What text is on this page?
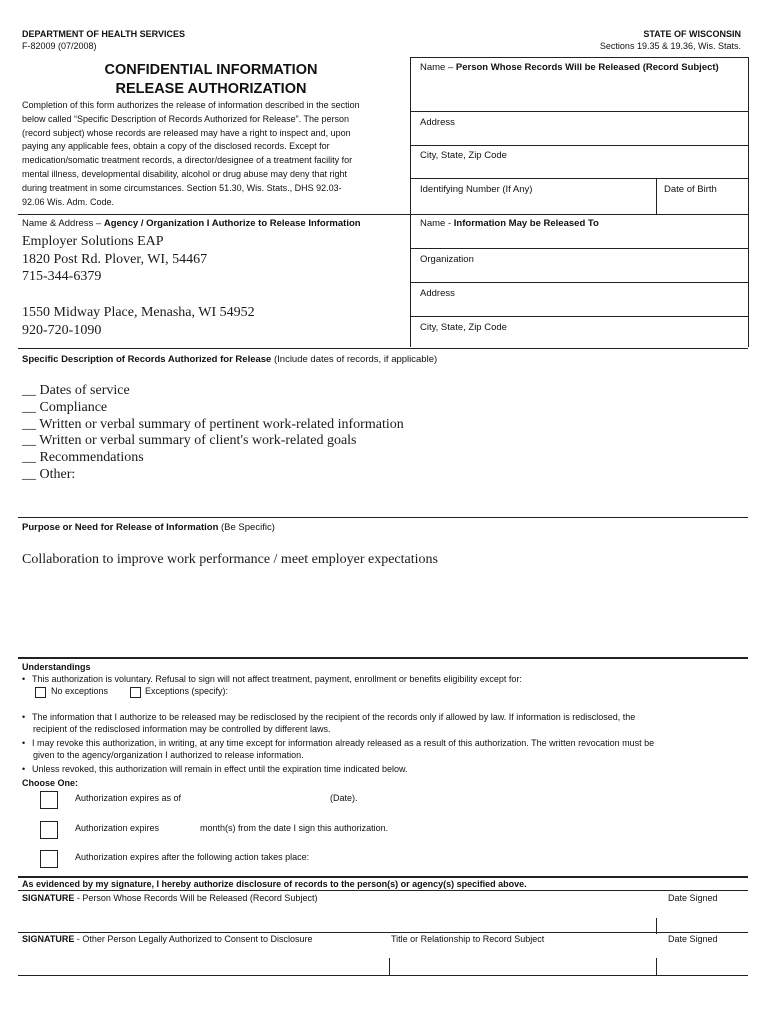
DEPARTMENT OF HEALTH SERVICES
F-82009 (07/2008)
STATE OF WISCONSIN
Sections 19.35 & 19.36, Wis. Stats.
CONFIDENTIAL INFORMATION
RELEASE AUTHORIZATION
Completion of this form authorizes the release of information described in the section
below called “Specific Description of Records Authorized for Release”. The person
(record subject) whose records are released may have a right to inspect and, upon
paying any applicable fees, obtain a copy of the disclosed records. Except for
medication/somatic treatment records, a director/designee of a treatment facility for
mental illness, developmental disability, alcohol or drug abuse may deny that right
during treatment in some circumstances. Section 51.30, Wis. Stats., DHS 92.03-
92.06 Wis. Adm. Code.
Name – Person Whose Records Will be Released (Record Subject)
Address
City, State, Zip Code
Identifying Number (If Any)	Date of Birth
Name & Address – Agency / Organization I Authorize to Release Information
Employer Solutions EAP
1820 Post Rd. Plover, WI, 54467
715-344-6379
1550 Midway Place, Menasha, WI 54952
920-720-1090
Name - Information May be Released To
Organization
Address
City, State, Zip Code
Specific Description of Records Authorized for Release (Include dates of records, if applicable)
__ Dates of service
__ Compliance
__ Written or verbal summary of pertinent work-related information
__ Written or verbal summary of client's work-related goals
__ Recommendations
__ Other:
Purpose or Need for Release of Information (Be Specific)
Collaboration to improve work performance / meet employer expectations
Understandings
• This authorization is voluntary. Refusal to sign will not affect treatment, payment, enrollment or benefits eligibility except for:
No exceptions	Exceptions (specify):
• The information that I authorize to be released may be redisclosed by the recipient of the records only if allowed by law. If information is redisclosed, the
recipient of the redisclosed information may be controlled by different laws.
• I may revoke this authorization, in writing, at any time except for information already released as a result of this authorization. The written revocation must be
given to the agency/organization I authorized to release information.
• Unless revoked, this authorization will remain in effect until the expiration time indicated below.
Choose One:
Authorization expires as of	(Date).
Authorization expires	month(s) from the date I sign this authorization.
Authorization expires after the following action takes place:
As evidenced by my signature, I hereby authorize disclosure of records to the person(s) or agency(s) specified above.
SIGNATURE - Person Whose Records Will be Released (Record Subject)	Date Signed
SIGNATURE - Other Person Legally Authorized to Consent to Disclosure	Title or Relationship to Record Subject	Date Signed
